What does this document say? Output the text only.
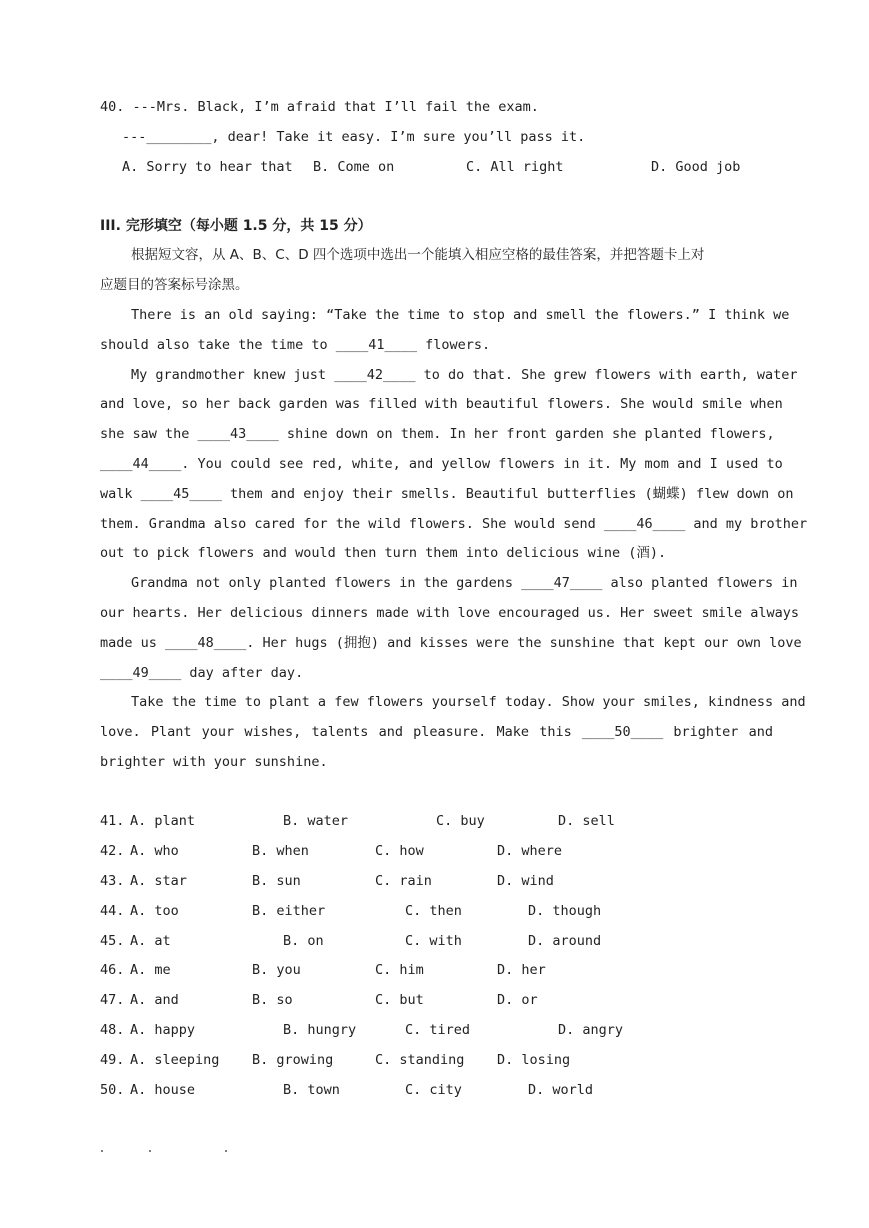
40. ---Mrs. Black, I’m afraid that I’ll fail the exam.
---________, dear! Take it easy. I’m sure you’ll pass it.
A. Sorry to hear that B. Come on	C. All right	D. Good job
III. 完形填空（每小题 1.5 分，共 15 分）
根据短文容，从 A、B、C、D 四个选项中选出一个能填入相应空格的最佳答案，并把答题卡上对
应题目的答案标号涂黑。
There is an old saying: “Take the time to stop and smell the flowers.” I think we
should also take the time to ____41____ flowers.
My grandmother knew just ____42____ to do that. She grew flowers with earth, water
and love, so her back garden was filled with beautiful flowers. She would smile when
she saw the ____43____ shine down on them. In her front garden she planted flowers,
____44____. You could see red, white, and yellow flowers in it. My mom and I used to
walk ____45____ them and enjoy their smells. Beautiful butterflies (蝴蝶) flew down on
them. Grandma also cared for the wild flowers. She would send ____46____ and my brother
out to pick flowers and would then turn them into delicious wine (酒).
Grandma not only planted flowers in the gardens ____47____ also planted flowers in
our hearts. Her delicious dinners made with love encouraged us. Her sweet smile always
made us ____48____. Her hugs (拥抱) and kisses were the sunshine that kept our own love
____49____ day after day.
Take the time to plant a few flowers yourself today. Show your smiles, kindness and
love. Plant your wishes, talents and pleasure. Make this ____50____ brighter and
brighter with your sunshine.
41. A. plant	B. water	C. buy	D. sell
42. A. who	B. when	C. how	D. where
43. A. star	B. sun	C. rain	D. wind
44. A. too	B. either	C. then	D. though
45. A. at	B. on	C. with	D. around
46. A. me	B. you	C. him	D. her
47. A. and	B. so	C. but	D. or
48. A. happy	B. hungry	C. tired	D. angry
49. A. sleeping B. growing	C. standing D. losing
50. A. house	B. town	C. city	D. world
